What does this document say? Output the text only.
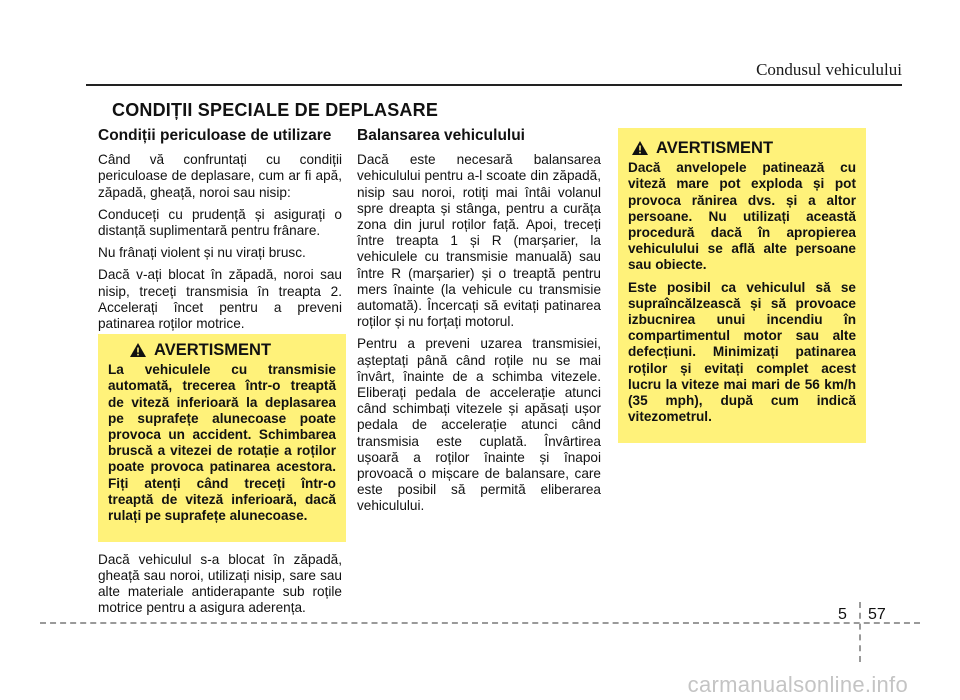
Condusul vehiculului
CONDIȚII SPECIALE DE DEPLASARE
Condiții periculoase de utilizare

Când vă confruntați cu condiții periculoase de deplasare, cum ar fi apă, zăpadă, gheață, noroi sau nisip:

Conduceți cu prudență și asigurați o distanță suplimentară pentru frânare.

Nu frânați violent și nu virați brusc.

Dacă v-ați blocat în zăpadă, noroi sau nisip, treceți transmisia în treapta 2. Accelerați încet pentru a preveni patinarea roților motrice.

AVERTISMENT

La vehiculele cu transmisie automată, trecerea într-o treaptă de viteză inferioară la deplasarea pe suprafețe alunecoase poate provoca un accident. Schimbarea bruscă a vitezei de rotație a roților poate provoca patinarea acestora. Fiți atenți când treceți într-o treaptă de viteză inferioară, dacă rulați pe suprafețe alunecoase.

Dacă vehiculul s-a blocat în zăpadă, gheață sau noroi, utilizați nisip, sare sau alte materiale antiderapante sub roțile motrice pentru a asigura aderența.
Balansarea vehiculului

Dacă este necesară balansarea vehiculului pentru a-l scoate din zăpadă, nisip sau noroi, rotiți mai întâi volanul spre dreapta și stânga, pentru a curăța zona din jurul roților față. Apoi, treceți între treapta 1 și R (marșarier, la vehiculele cu transmisie manuală) sau între R (marșarier) și o treaptă pentru mers înainte (la vehicule cu transmisie automată). Încercați să evitați patinarea roților și nu forțați motorul.

Pentru a preveni uzarea transmisiei, așteptați până când roțile nu se mai învârt, înainte de a schimba vitezele. Eliberați pedala de accelerație atunci când schimbați vitezele și apăsați ușor pedala de accelerație atunci când transmisia este cuplată. Învârtirea ușoară a roților înainte și înapoi provoacă o mișcare de balansare, care este posibil să permită eliberarea vehiculului.

AVERTISMENT

Dacă anvelopele patinează cu viteză mare pot exploda și pot provoca rănirea dvs. și a altor persoane. Nu utilizați această procedură dacă în apropierea vehiculului se află alte persoane sau obiecte.

Este posibil ca vehiculul să se supraîncălzească și să provoace izbucnirea unui incendiu în compartimentul motor sau alte defecțiuni. Minimizați patinarea roților și evitați complet acest lucru la viteze mai mari de 56 km/h (35 mph), după cum indică vitezometrul.

5 57
carmanualsonline.info
